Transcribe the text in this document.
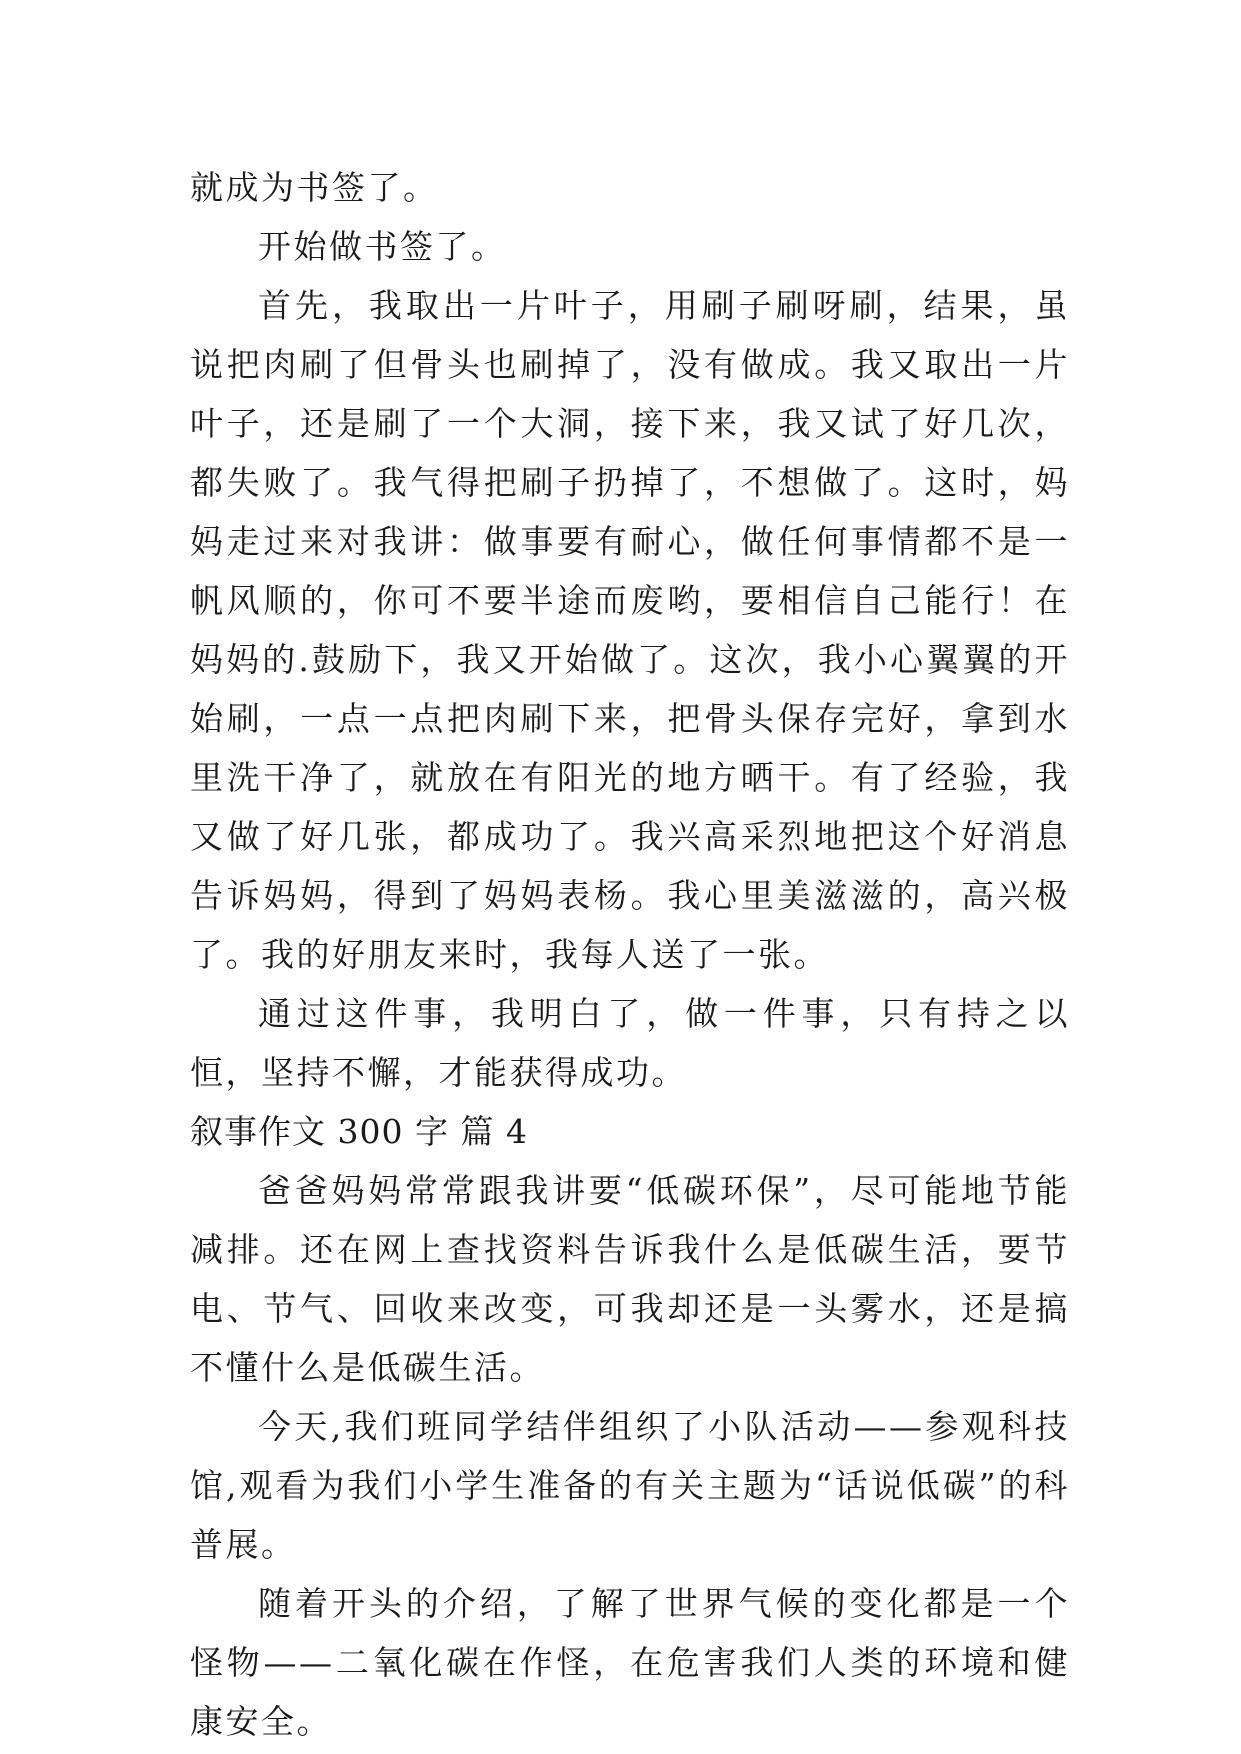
就成为书签了。

开始做书签了。

首先，我取出一片叶子，用刷子刷呀刷，结果，虽说把肉刷了但骨头也刷掉了，没有做成。我又取出一片叶子，还是刷了一个大洞，接下来，我又试了好几次，都失败了。我气得把刷子扔掉了，不想做了。这时，妈妈走过来对我讲：做事要有耐心，做任何事情都不是一帆风顺的，你可不要半途而废哟，要相信自己能行！在妈妈的.鼓励下，我又开始做了。这次，我小心翼翼的开始刷，一点一点把肉刷下来，把骨头保存完好，拿到水里洗干净了，就放在有阳光的地方晒干。有了经验，我又做了好几张，都成功了。我兴高采烈地把这个好消息告诉妈妈，得到了妈妈表杨。我心里美滋滋的，高兴极了。我的好朋友来时，我每人送了一张。

通过这件事，我明白了，做一件事，只有持之以恒，坚持不懈，才能获得成功。

叙事作文 300 字 篇 4

爸爸妈妈常常跟我讲要“低碳环保”，尽可能地节能减排。还在网上查找资料告诉我什么是低碳生活，要节电、节气、回收来改变，可我却还是一头雾水，还是搞不懂什么是低碳生活。

今天,我们班同学结伴组织了小队活动——参观科技馆,观看为我们小学生准备的有关主题为“话说低碳”的科普展。

随着开头的介绍，了解了世界气候的变化都是一个怪物——二氧化碳在作怪，在危害我们人类的环境和健康安全。
